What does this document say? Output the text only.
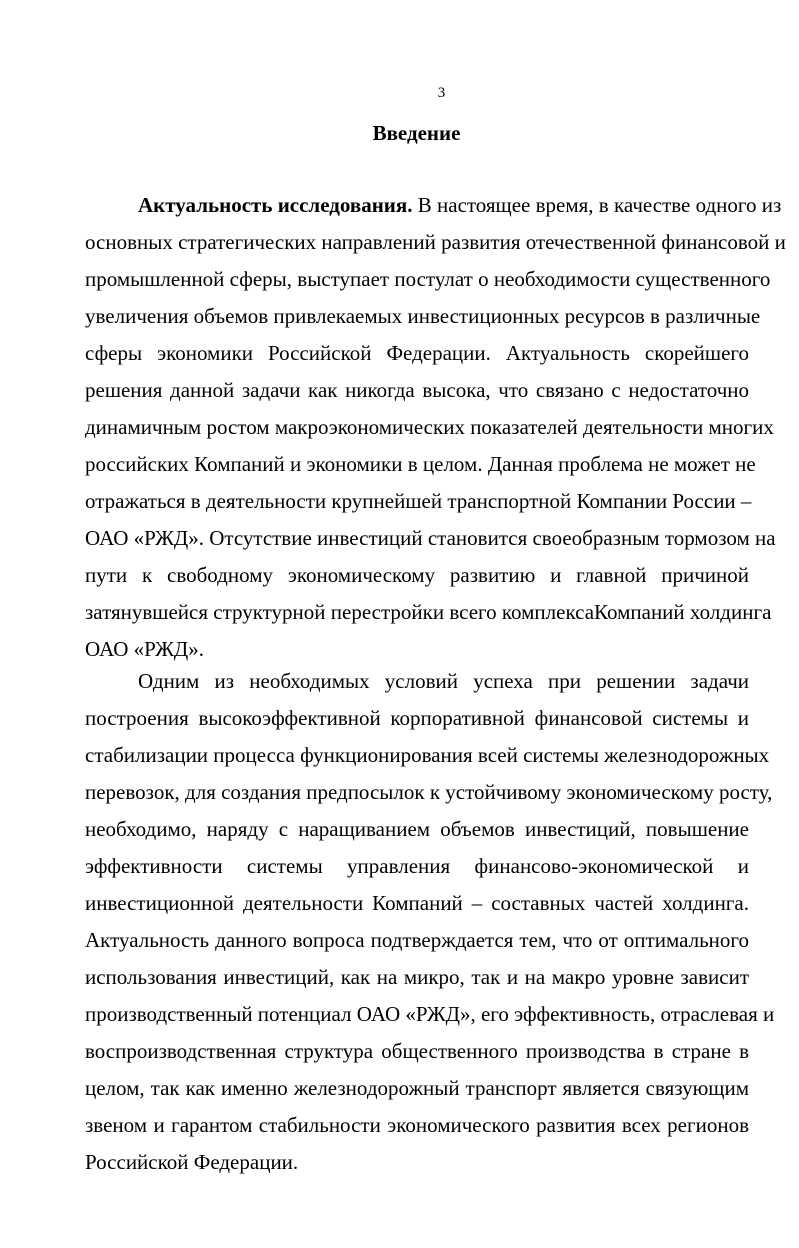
3
Введение
Актуальность исследования. В настоящее время, в качестве одного из
основных стратегических направлений развития отечественной финансовой и
промышленной сферы, выступает постулат о необходимости существенного
увеличения объемов привлекаемых инвестиционных ресурсов в различные
сферы экономики Российской Федерации. Актуальность скорейшего
решения данной задачи как никогда высока, что связано с недостаточно
динамичным ростом макроэкономических показателей деятельности многих
российских Компаний и экономики в целом. Данная проблема не может не
отражаться в деятельности крупнейшей транспортной Компании России –
ОАО «РЖД». Отсутствие инвестиций становится своеобразным тормозом на
пути к свободному экономическому развитию и главной причиной
затянувшейся структурной перестройки всего комплексаКомпаний холдинга
ОАО «РЖД».
Одним из необходимых условий успеха при решении задачи
построения высокоэффективной корпоративной финансовой системы и
стабилизации процесса функционирования всей системы железнодорожных
перевозок, для создания предпосылок к устойчивому экономическому росту,
необходимо, наряду с наращиванием объемов инвестиций, повышение
эффективности системы управления финансово-экономической и
инвестиционной деятельности Компаний – составных частей холдинга.
Актуальность данного вопроса подтверждается тем, что от оптимального
использования инвестиций, как на микро, так и на макро уровне зависит
производственный потенциал ОАО «РЖД», его эффективность, отраслевая и
воспроизводственная структура общественного производства в стране в
целом, так как именно железнодорожный транспорт является связующим
звеном и гарантом стабильности экономического развития всех регионов
Российской Федерации.
